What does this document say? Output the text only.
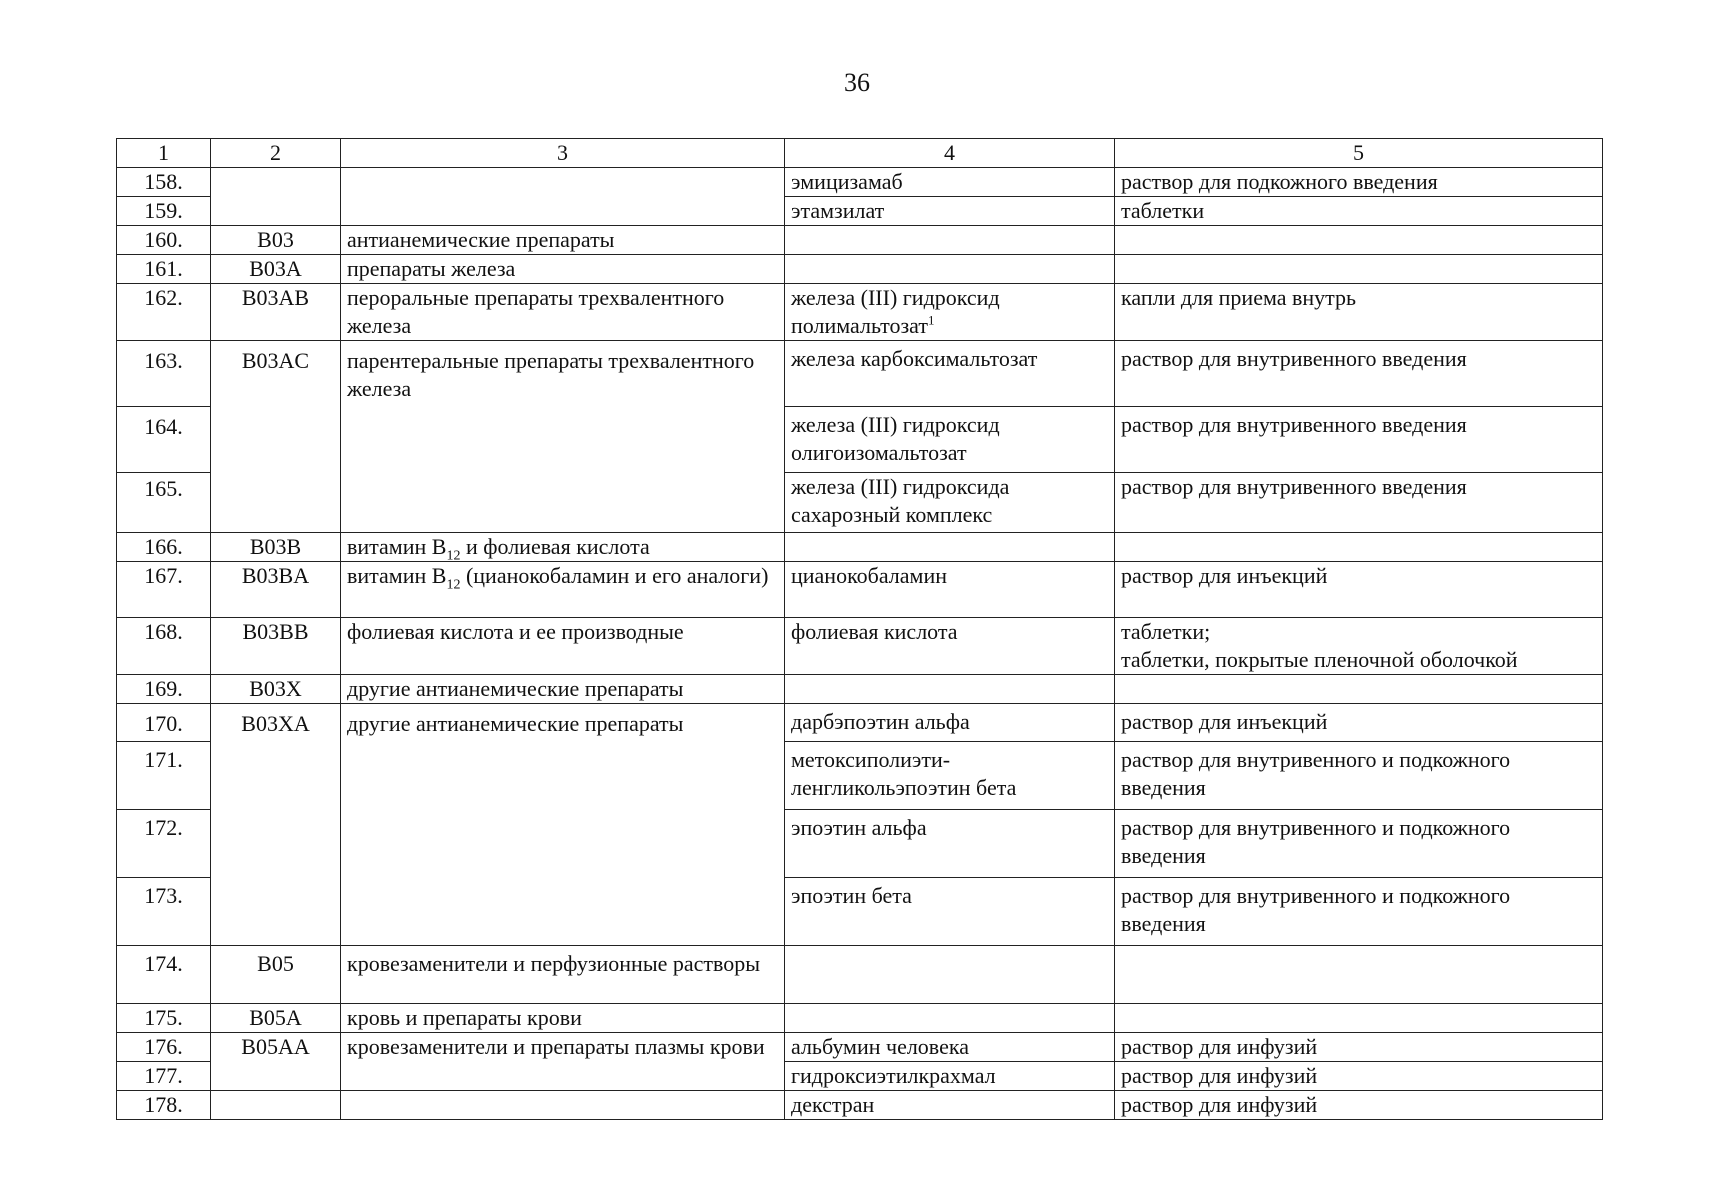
36
1	2	3	4	5
158.			эмицизамаб	раствор для подкожного введения
159.			этамзилат	таблетки
160.	B03	антианемические препараты		
161.	B03A	препараты железа		
162.	B03AB	пероральные препараты трехвалентного железа	железа (III) гидроксид полимальтозат$^1$	капли для приема внутрь
163.	B03AC	парентеральные препараты трехвалентного железа	железа карбоксимальтозат	раствор для внутривенного введения
164.			железа (III) гидроксид олигоизомальтозат	раствор для внутривенного введения
165.			железа (III) гидроксида сахарозный комплекс	раствор для внутривенного введения
166.	B03B	витамин $B_{12}$ и фолиевая кислота		
167.	B03BA	витамин $B_{12}$ (цианокобаламин и его аналоги)	цианокобаламин	раствор для инъекций
168.	B03BB	фолиевая кислота и ее производные	фолиевая кислота	таблетки;
таблетки, покрытые пленочной оболочкой

169.	B03X	другие антианемические препараты		
170.	B03XA	другие антианемические препараты	дарбэпоэтин альфа	раствор для инъекций
171.			метоксиполиэти-
ленгликольэпоэтин бета	раствор для внутривенного и подкожного введения
172.			эпоэтин альфа	раствор для внутривенного и подкожного введения
173.			эпоэтин бета	раствор для внутривенного и подкожного введения
174.	B05	кровезаменители и перфузионные растворы		
175.	B05A	кровь и препараты крови		
176.	B05AA	кровезаменители и препараты плазмы крови	альбумин человека	раствор для инфузий
177.			гидроксиэтилкрахмал	раствор для инфузий
178.			декстран	раствор для инфузий
